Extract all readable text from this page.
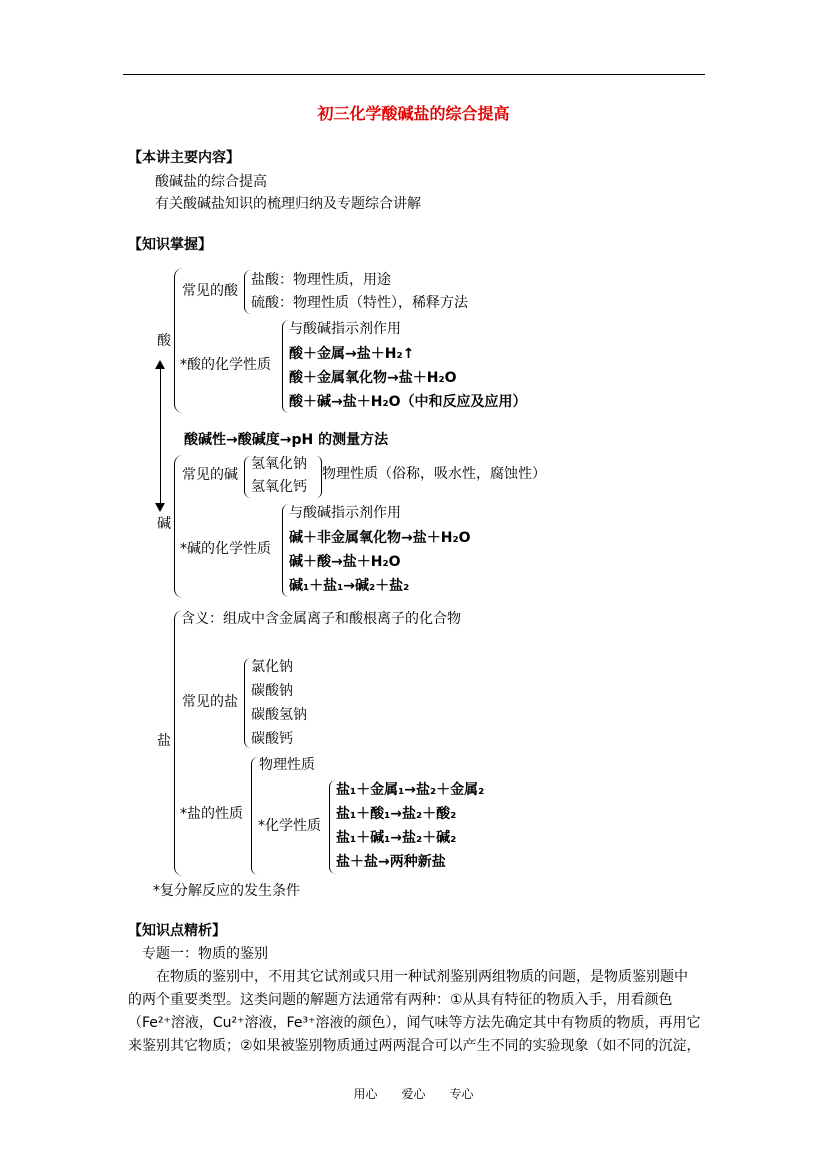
初三化学酸碱盐的综合提高
【本讲主要内容】
酸碱盐的综合提高
有关酸碱盐知识的梳理归纳及专题综合讲解
【知识掌握】
酸
常见的酸
盐酸：物理性质，用途
硫酸：物理性质（特性），稀释方法
*酸的化学性质
与酸碱指示剂作用
酸＋金属→盐＋H₂↑
酸＋金属氧化物→盐＋H₂O
酸＋碱→盐＋H₂O（中和反应及应用）
酸碱性→酸碱度→pH 的测量方法
碱
常见的碱
氢氧化钠
氢氧化钙
物理性质（俗称，吸水性，腐蚀性）
*碱的化学性质
与酸碱指示剂作用
碱＋非金属氧化物→盐＋H₂O
碱＋酸→盐＋H₂O
碱₁＋盐₁→碱₂＋盐₂
盐
含义：组成中含金属离子和酸根离子的化合物
常见的盐
氯化钠
碳酸钠
碳酸氢钠
碳酸钙
*盐的性质
物理性质
*化学性质
盐₁＋金属₁→盐₂＋金属₂
盐₁＋酸₁→盐₂＋酸₂
盐₁＋碱₁→盐₂＋碱₂
盐＋盐→两种新盐
*复分解反应的发生条件
【知识点精析】
专题一：物质的鉴别
在物质的鉴别中，不用其它试剂或只用一种试剂鉴别两组物质的问题，是物质鉴别题中
的两个重要类型。这类问题的解题方法通常有两种：①从具有特征的物质入手，用看颜色
（Fe²⁺溶液，Cu²⁺溶液，Fe³⁺溶液的颜色），闻气味等方法先确定其中有物质的物质，再用它
来鉴别其它物质；②如果被鉴别物质通过两两混合可以产生不同的实验现象（如不同的沉淀，
用心　　爱心　　专心
